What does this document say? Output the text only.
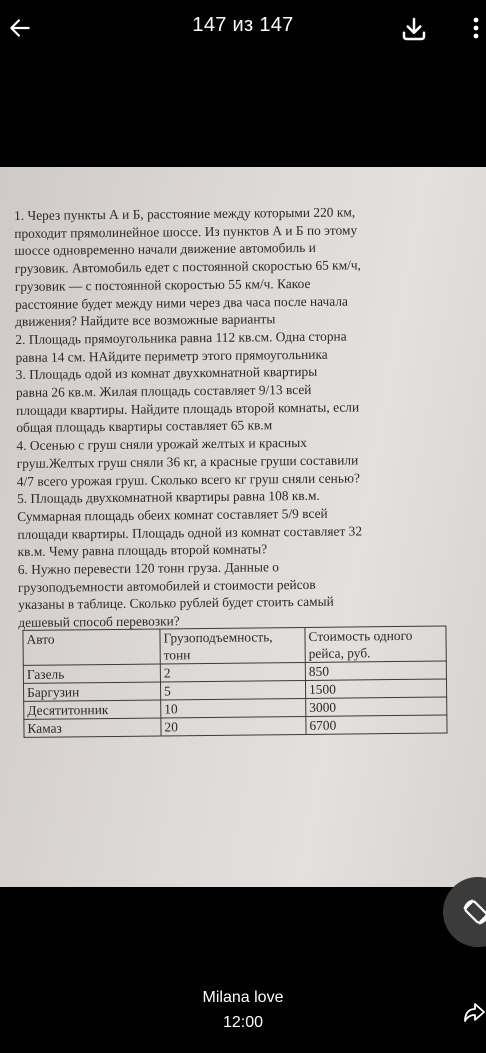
147 из 147
1. Через пункты А и Б, расстояние между которыми 220 км,
проходит прямолинейное шоссе. Из пунктов А и Б по этому
шоссе одновременно начали движение автомобиль и
грузовик. Автомобиль едет с постоянной скоростью 65 км/ч,
грузовик — с постоянной скоростью 55 км/ч. Какое
расстояние будет между ними через два часа после начала
движения? Найдите все возможные варианты
2. Площадь прямоугольника равна 112 кв.см. Одна сторна
равна 14 см. НАйдите периметр этого прямоугольника
3. Площадь одой из комнат двухкомнатной квартиры
равна 26 кв.м. Жилая площадь составляет 9/13 всей
площади квартиры. Найдите площадь второй комнаты, если
общая площадь квартиры составляет 65 кв.м
4. Осенью с груш сняли урожай желтых и красных
груш.Желтых груш сняли 36 кг, а красные груши составили
4/7 всего урожая груш. Сколько всего кг груш сняли сенью?
5. Площадь двухкомнатной квартиры равна 108 кв.м.
Суммарная площадь обеих комнат составляет 5/9 всей
площади квартиры. Площадь одной из комнат составляет 32
кв.м. Чему равна площадь второй комнаты?
6. Нужно перевести 120 тонн груза. Данные о
грузоподъемности автомобилей и стоимости рейсов
указаны в таблице. Сколько рублей будет стоить самый
дешевый способ перевозки?
Авто	Грузоподъемность, тонн	Стоимость одного рейса, руб.
Газель	2	850
Баргузин	5	1500
Десятитонник	10	3000
Камаз	20	6700
Milana love
12:00
